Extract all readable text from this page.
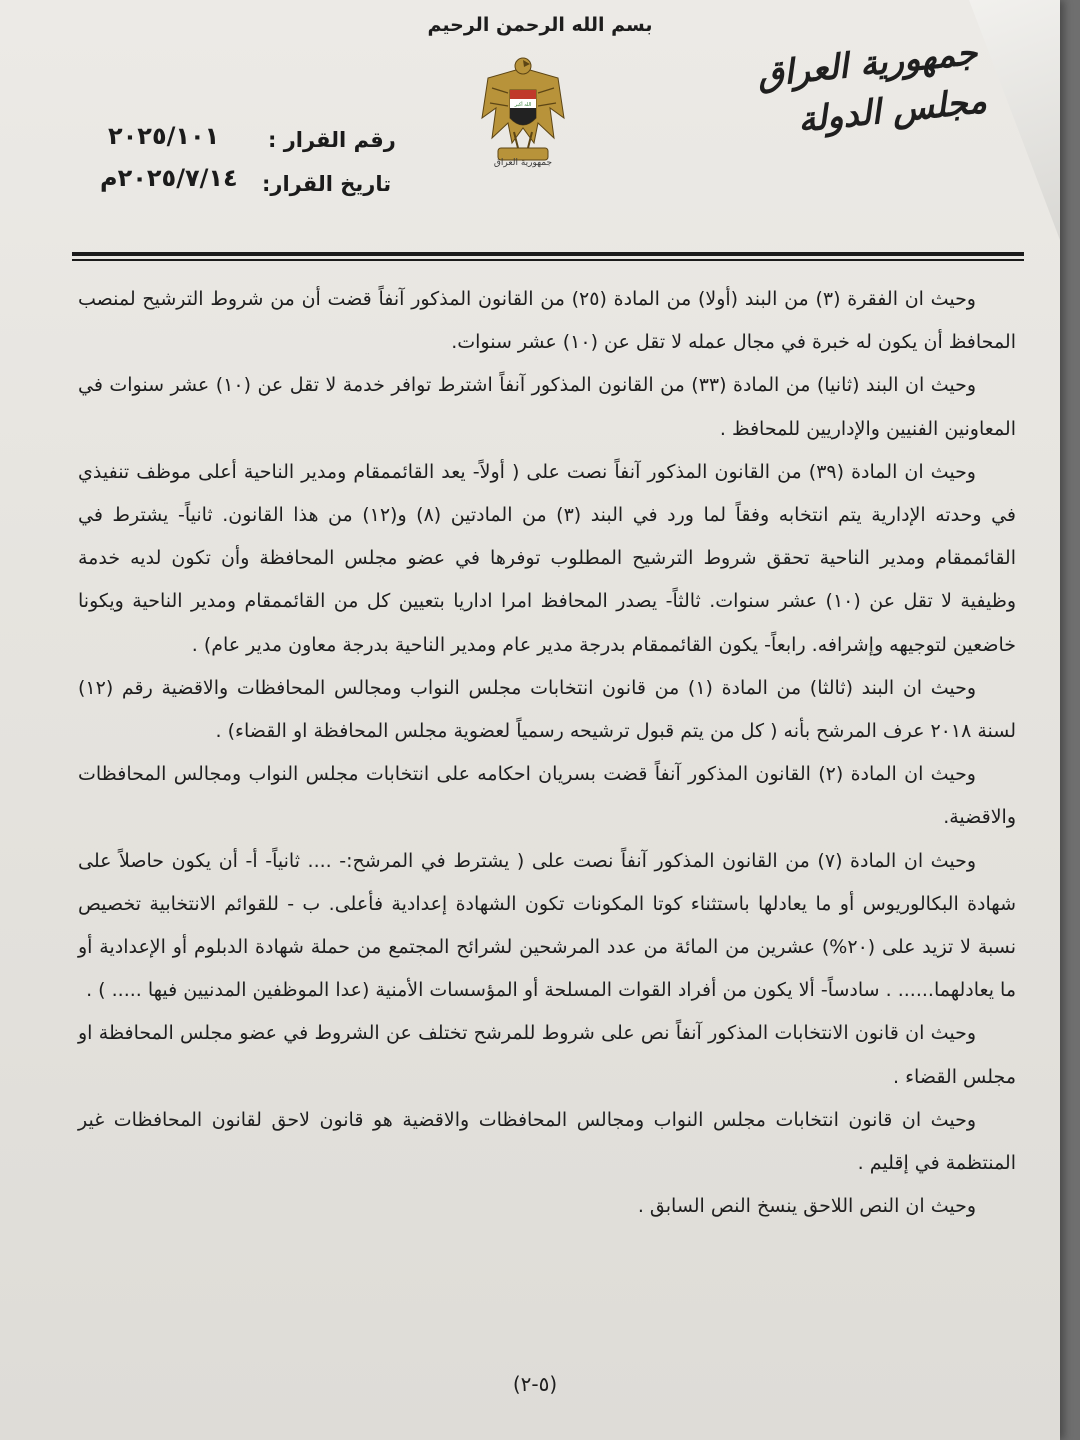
بسم الله الرحمن الرحيم
الله أكبر
جمهورية العراق
جمهورية العراق
مجلس الدولة
رقم القرار :
٢٠٢٥/١٠١
تاريخ القرار:
٢٠٢٥/٧/١٤م

وحيث ان الفقرة (٣) من البند (أولا) من المادة (٢٥) من القانون المذكور آنفاً قضت أن من شروط الترشيح لمنصب المحافظ أن يكون له خبرة في مجال عمله لا تقل عن (١٠) عشر سنوات.

وحيث ان البند (ثانيا) من المادة (٣٣) من القانون المذكور آنفاً اشترط توافر خدمة لا تقل عن (١٠) عشر سنوات في المعاونين الفنيين والإداريين للمحافظ .

وحيث ان المادة (٣٩) من القانون المذكور آنفاً نصت على ( أولاً- يعد القائممقام ومدير الناحية أعلى موظف تنفيذي في وحدته الإدارية يتم انتخابه وفقاً لما ورد في البند (٣) من المادتين (٨) و(١٢) من هذا القانون. ثانياً- يشترط في القائممقام ومدير الناحية تحقق شروط الترشيح المطلوب توفرها في عضو مجلس المحافظة وأن تكون لديه خدمة وظيفية لا تقل عن (١٠) عشر سنوات. ثالثاً- يصدر المحافظ امرا اداريا بتعيين كل من القائممقام ومدير الناحية ويكونا خاضعين لتوجيهه وإشرافه. رابعاً- يكون القائممقام بدرجة مدير عام ومدير الناحية بدرجة معاون مدير عام) .

وحيث ان البند (ثالثا) من المادة (١) من قانون انتخابات مجلس النواب ومجالس المحافظات والاقضية رقم (١٢) لسنة ٢٠١٨ عرف المرشح بأنه ( كل من يتم قبول ترشيحه رسمياً لعضوية مجلس المحافظة او القضاء) .

وحيث ان المادة (٢) القانون المذكور آنفاً قضت بسريان احكامه على انتخابات مجلس النواب ومجالس المحافظات والاقضية.

وحيث ان المادة (٧) من القانون المذكور آنفاً نصت على ( يشترط في المرشح:- .... ثانياً- أ- أن يكون حاصلاً على شهادة البكالوريوس أو ما يعادلها باستثناء كوتا المكونات تكون الشهادة إعدادية فأعلى. ب - للقوائم الانتخابية تخصيص نسبة لا تزيد على (٢٠%) عشرين من المائة من عدد المرشحين لشرائح المجتمع من حملة شهادة الدبلوم أو الإعدادية أو ما يعادلهما...... . سادساً- ألا يكون من أفراد القوات المسلحة أو المؤسسات الأمنية (عدا الموظفين المدنيين فيها ..... ) .

وحيث ان قانون الانتخابات المذكور آنفاً نص على شروط للمرشح تختلف عن الشروط في عضو مجلس المحافظة او مجلس القضاء .

وحيث ان قانون انتخابات مجلس النواب ومجالس المحافظات والاقضية هو قانون لاحق لقانون المحافظات غير المنتظمة في إقليم .

وحيث ان النص اللاحق ينسخ النص السابق .

(٥-٢)
